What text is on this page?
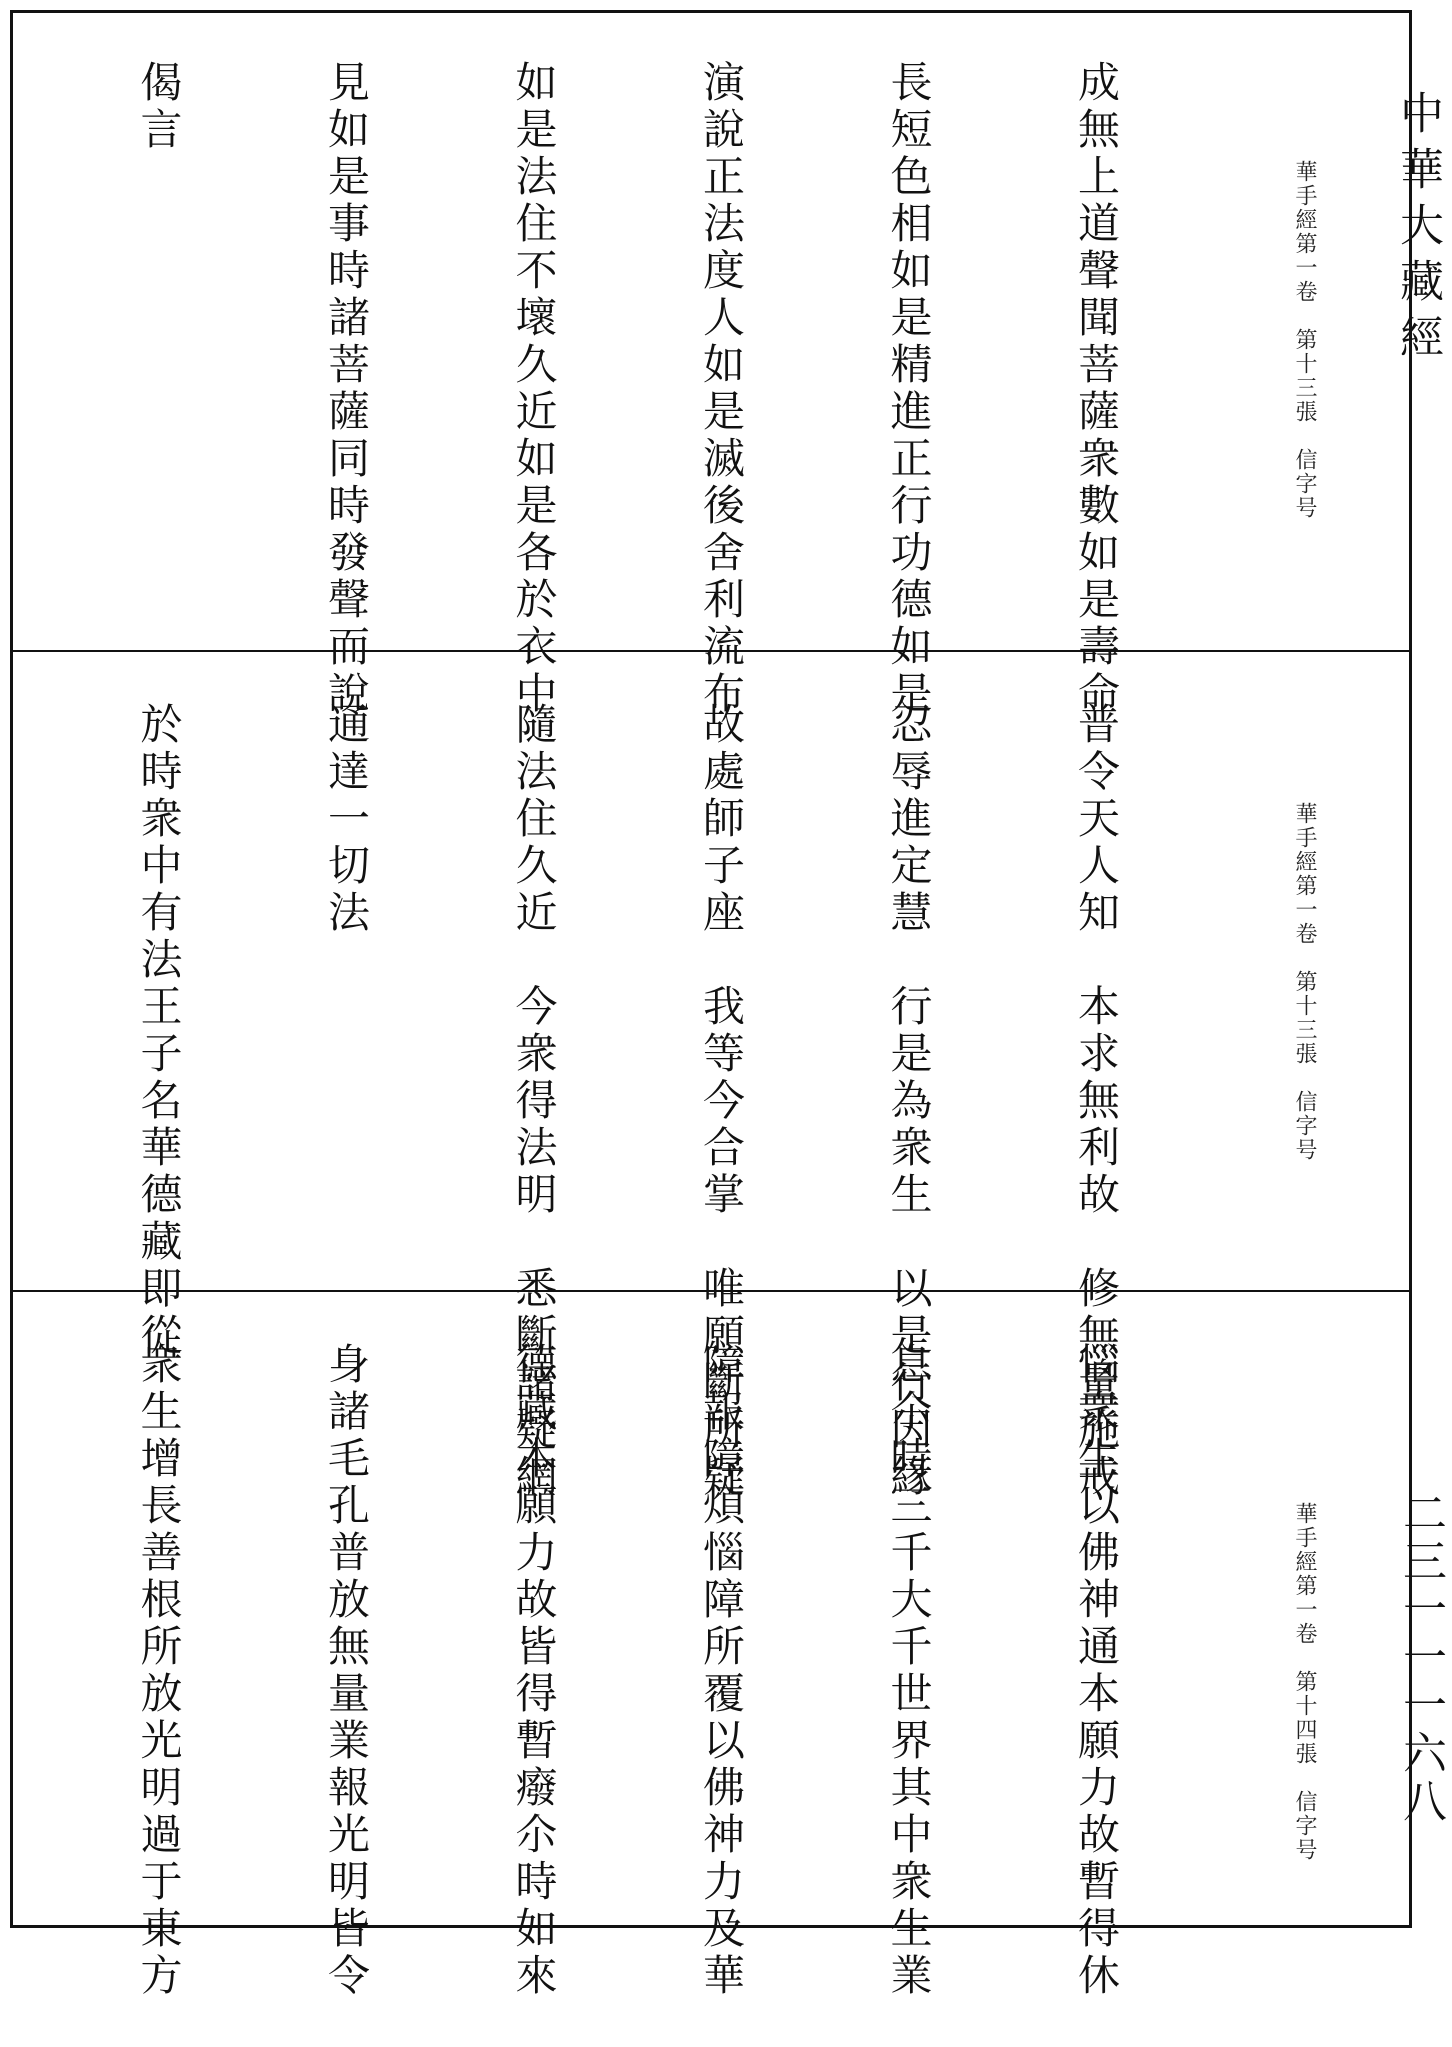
中華大藏經
二三一一一六八
華手經第一卷　第十三張　信字号

成無上道聲聞菩薩衆數如是壽命

長短色相如是精進正行功德如是

演說正法度人如是滅後舍利流布

如是法住不壞久近如是各於衣中

見如是事時諸菩薩同時發聲而說

偈言

華手經第一卷　第十三張　信字号

普令天人知　本求無利故　修無量施戒

忍辱進定慧　行是為衆生　以是行因緣

故處師子座　我等今合掌　唯願斷所疑

隨法住久近　今衆得法明　悉斷諸疑網

通達一切法

於時衆中有法王子名華德藏即從

華手經第一卷　第十四張　信字号

惱衆生以佛神通本願力故暫得休

息尒時三千大千世界其中衆生業

障報障煩惱障所覆以佛神力及華

德藏本願力故皆得暫癈尒時如來

身諸毛孔普放無量業報光明皆令

衆生增長善根所放光明過于東方
